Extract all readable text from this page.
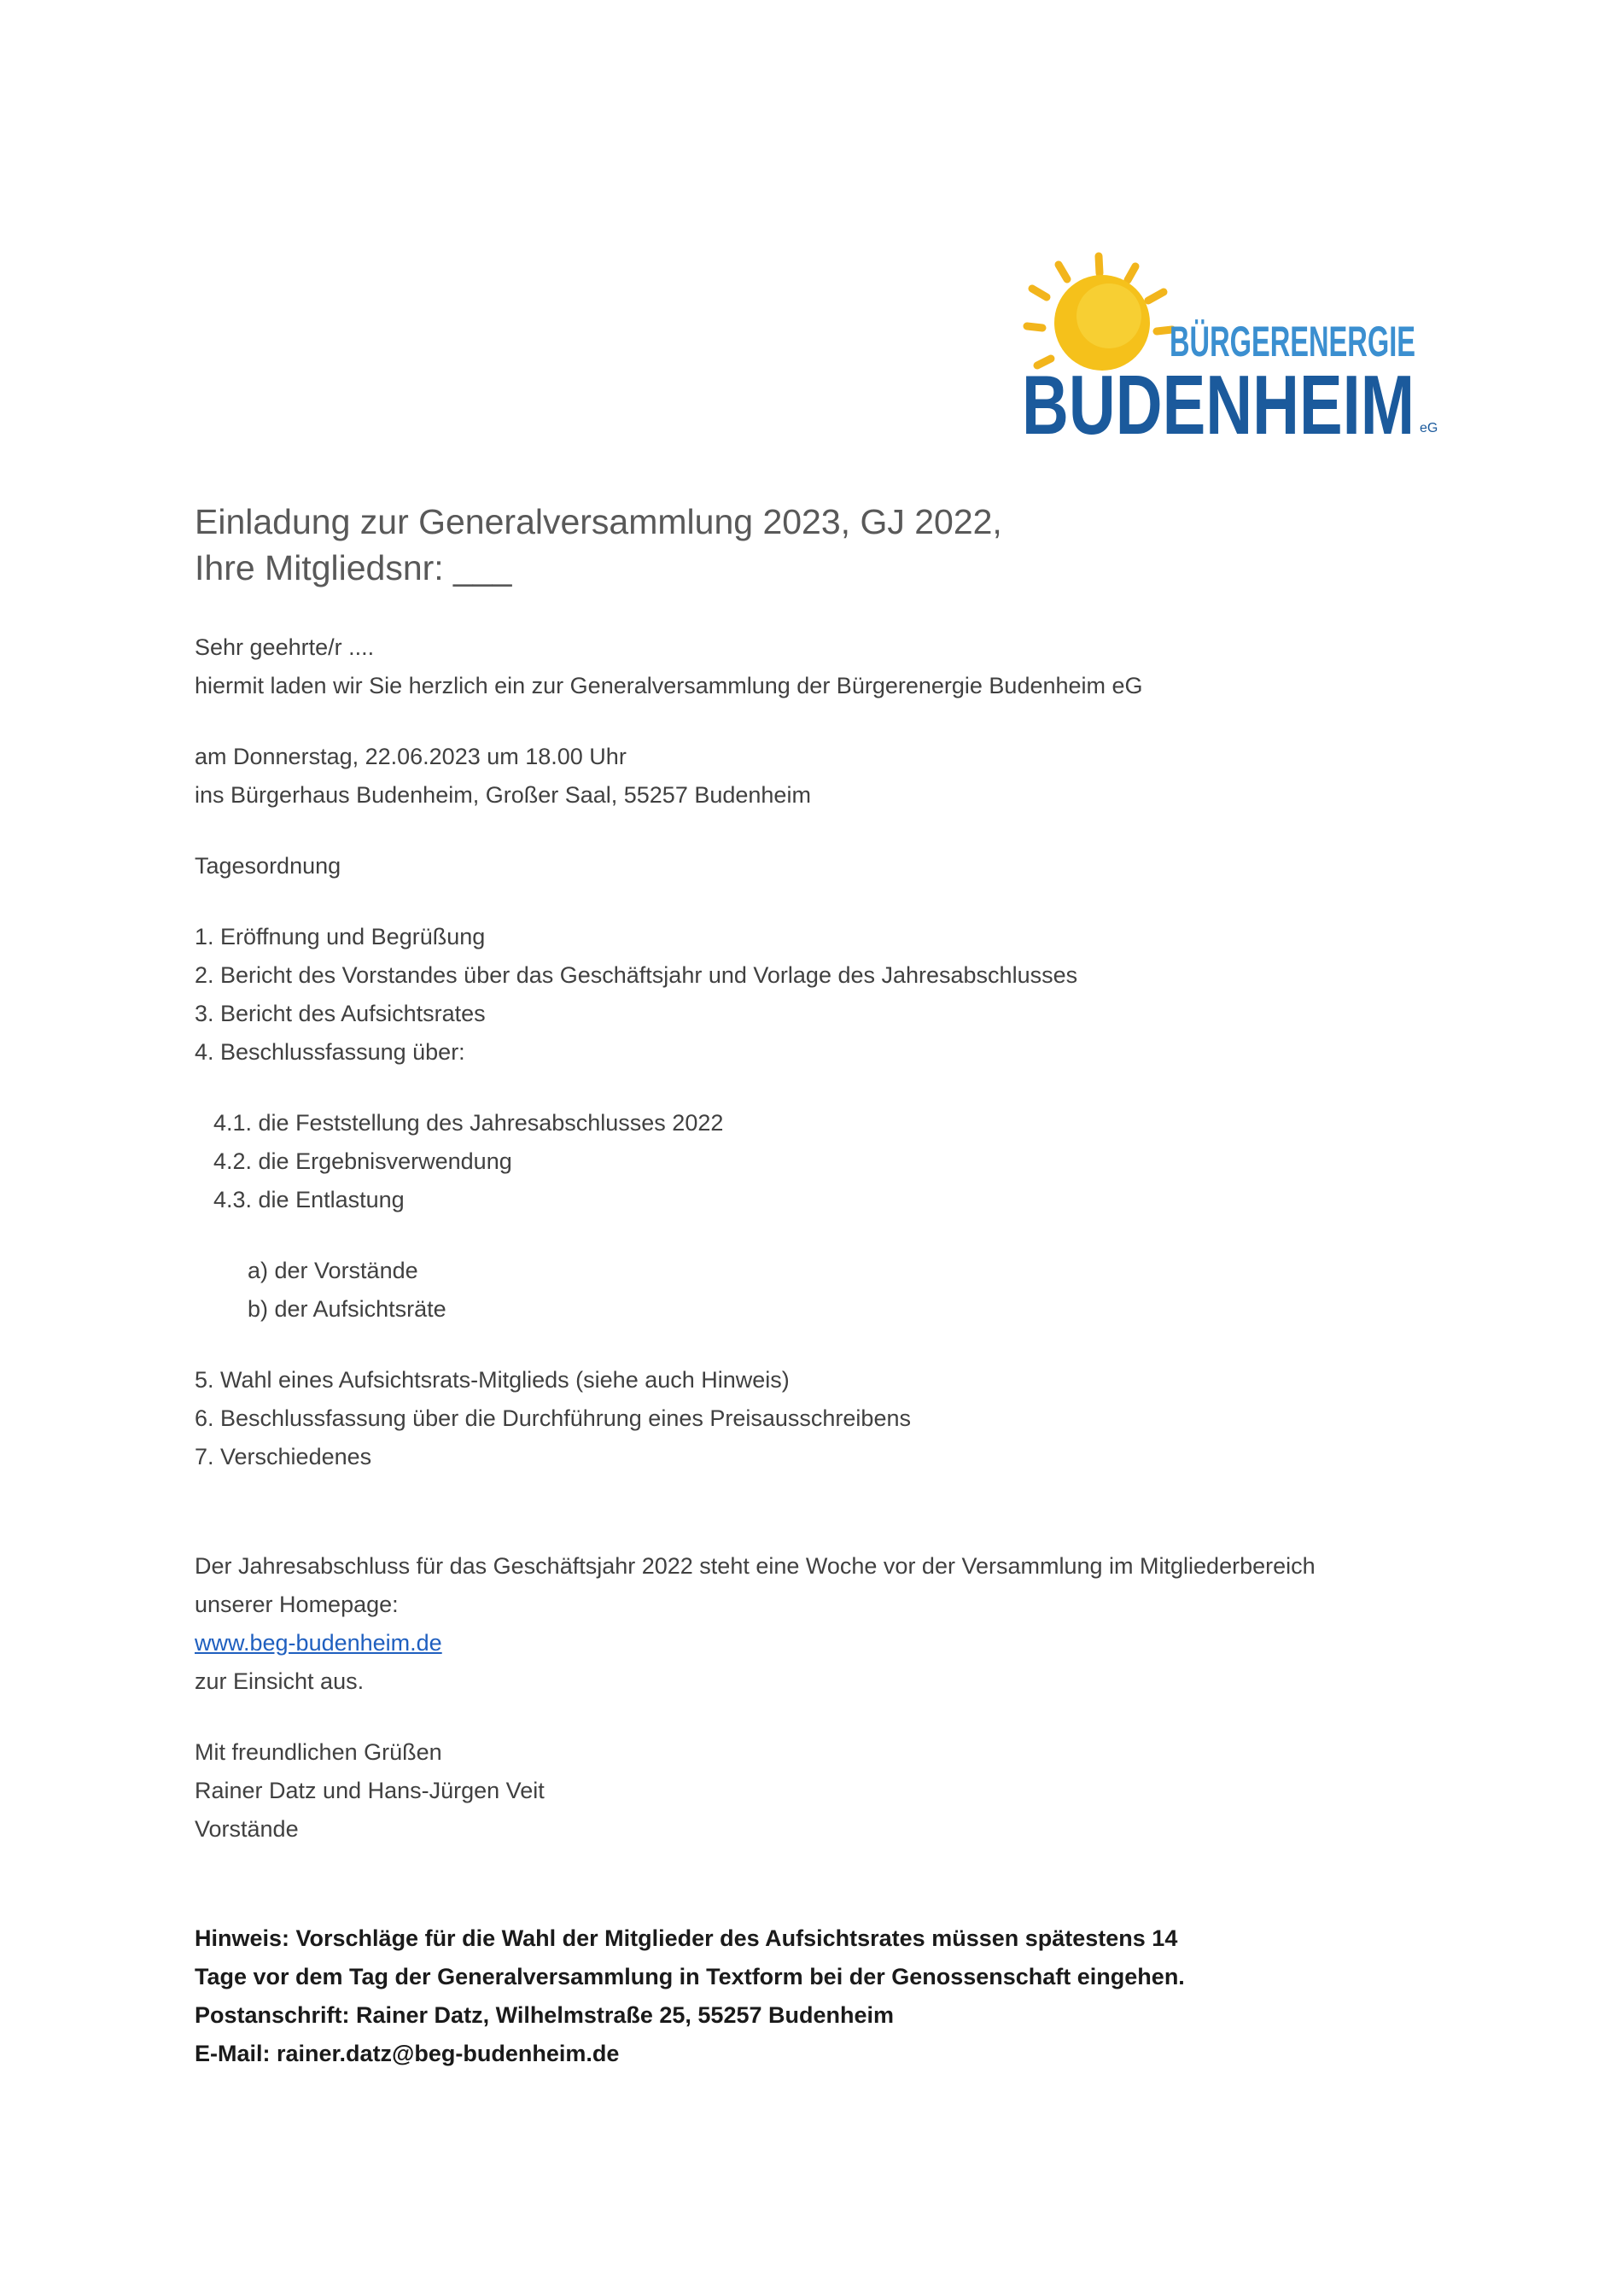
BÜRGERENERGIE
BUDENHEIM eG
Einladung zur Generalversammlung 2023, GJ 2022,
Ihre Mitgliedsnr: ___
Sehr geehrte/r ....
hiermit laden wir Sie herzlich ein zur Generalversammlung der Bürgerenergie Budenheim eG
am Donnerstag, 22.06.2023 um 18.00 Uhr
ins Bürgerhaus Budenheim, Großer Saal, 55257 Budenheim
Tagesordnung
1. Eröffnung und Begrüßung
2. Bericht des Vorstandes über das Geschäftsjahr und Vorlage des Jahresabschlusses
3. Bericht des Aufsichtsrates
4. Beschlussfassung über:
4.1. die Feststellung des Jahresabschlusses 2022
4.2. die Ergebnisverwendung
4.3. die Entlastung
a) der Vorstände
b) der Aufsichtsräte
5. Wahl eines Aufsichtsrats-Mitglieds (siehe auch Hinweis)
6. Beschlussfassung über die Durchführung eines Preisausschreibens
7. Verschiedenes
Der Jahresabschluss für das Geschäftsjahr 2022 steht eine Woche vor der Versammlung im Mitgliederbereich
unserer Homepage:
www.beg-budenheim.de
zur Einsicht aus.
Mit freundlichen Grüßen
Rainer Datz und Hans-Jürgen Veit
Vorstände
Hinweis: Vorschläge für die Wahl der Mitglieder des Aufsichtsrates müssen spätestens 14
Tage vor dem Tag der Generalversammlung in Textform bei der Genossenschaft eingehen.
Postanschrift: Rainer Datz, Wilhelmstraße 25, 55257 Budenheim
E-Mail: rainer.datz@beg-budenheim.de
